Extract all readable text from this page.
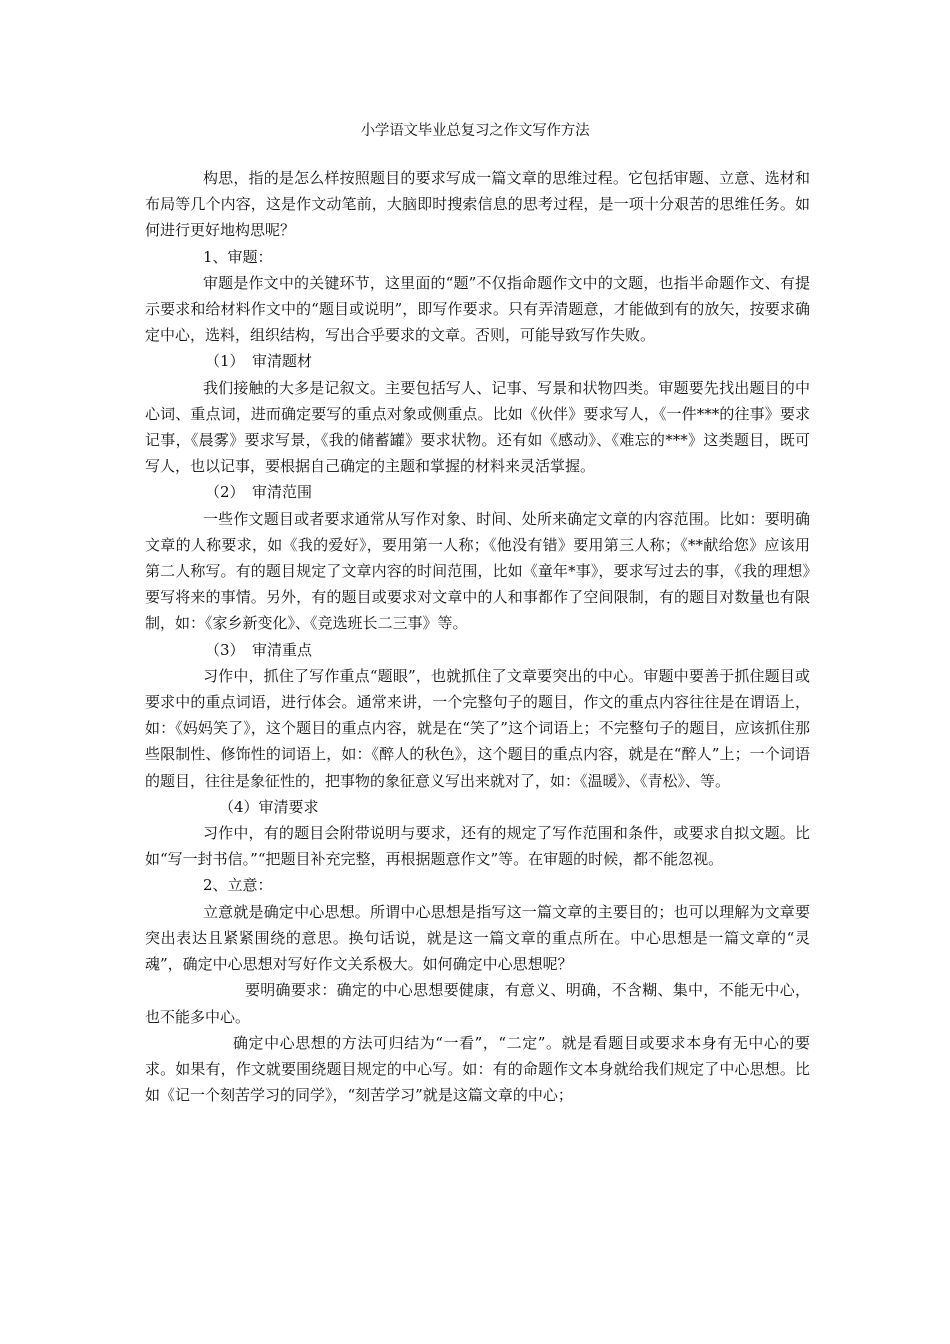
小学语文毕业总复习之作文写作方法

构思，指的是怎么样按照题目的要求写成一篇文章的思维过程。它包括审题、立意、选材和布局等几个内容，这是作文动笔前，大脑即时搜索信息的思考过程，是一项十分艰苦的思维任务。如何进行更好地构思呢？

1、审题：

审题是作文中的关键环节，这里面的“题”不仅指命题作文中的文题，也指半命题作文、有提示要求和给材料作文中的“题目或说明”，即写作要求。只有弄清题意，才能做到有的放矢，按要求确定中心，选料，组织结构，写出合乎要求的文章。否则，可能导致写作失败。

（1）　审清题材

我们接触的大多是记叙文。主要包括写人、记事、写景和状物四类。审题要先找出题目的中心词、重点词，进而确定要写的重点对象或侧重点。比如《伙伴》要求写人，《一件***的往事》要求记事，《晨雾》要求写景，《我的储蓄罐》要求状物。还有如《感动》、《难忘的***》这类题目，既可写人，也以记事，要根据自己确定的主题和掌握的材料来灵活掌握。

（2）　审清范围

一些作文题目或者要求通常从写作对象、时间、处所来确定文章的内容范围。比如：要明确文章的人称要求，如《我的爱好》，要用第一人称；《他没有错》要用第三人称；《**献给您》应该用第二人称写。有的题目规定了文章内容的时间范围，比如《童年*事》，要求写过去的事，《我的理想》要写将来的事情。另外，有的题目或要求对文章中的人和事都作了空间限制，有的题目对数量也有限制，如：《家乡新变化》、《竞选班长二三事》等。

（3）　审清重点

习作中，抓住了写作重点“题眼”，也就抓住了文章要突出的中心。审题中要善于抓住题目或要求中的重点词语，进行体会。通常来讲，一个完整句子的题目，作文的重点内容往往是在谓语上，如：《妈妈笑了》，这个题目的重点内容，就是在“笑了”这个词语上；不完整句子的题目，应该抓住那些限制性、修饰性的词语上，如：《醉人的秋色》，这个题目的重点内容，就是在“醉人”上；一个词语的题目，往往是象征性的，把事物的象征意义写出来就对了，如：《温暖》、《青松》、等。

（4）审清要求

习作中，有的题目会附带说明与要求，还有的规定了写作范围和条件，或要求自拟文题。比如“写一封书信。”“把题目补充完整，再根据题意作文”等。在审题的时候，都不能忽视。

2、立意：

立意就是确定中心思想。所谓中心思想是指写这一篇文章的主要目的；也可以理解为文章要突出表达且紧紧围绕的意思。换句话说，就是这一篇文章的重点所在。中心思想是一篇文章的“灵魂”，确定中心思想对写好作文关系极大。如何确定中心思想呢？

要明确要求：确定的中心思想要健康，有意义、明确，不含糊、集中，不能无中心，也不能多中心。

确定中心思想的方法可归结为“一看”，“二定”。就是看题目或要求本身有无中心的要求。如果有，作文就要围绕题目规定的中心写。如：有的命题作文本身就给我们规定了中心思想。比如《记一个刻苦学习的同学》，“刻苦学习”就是这篇文章的中心；
